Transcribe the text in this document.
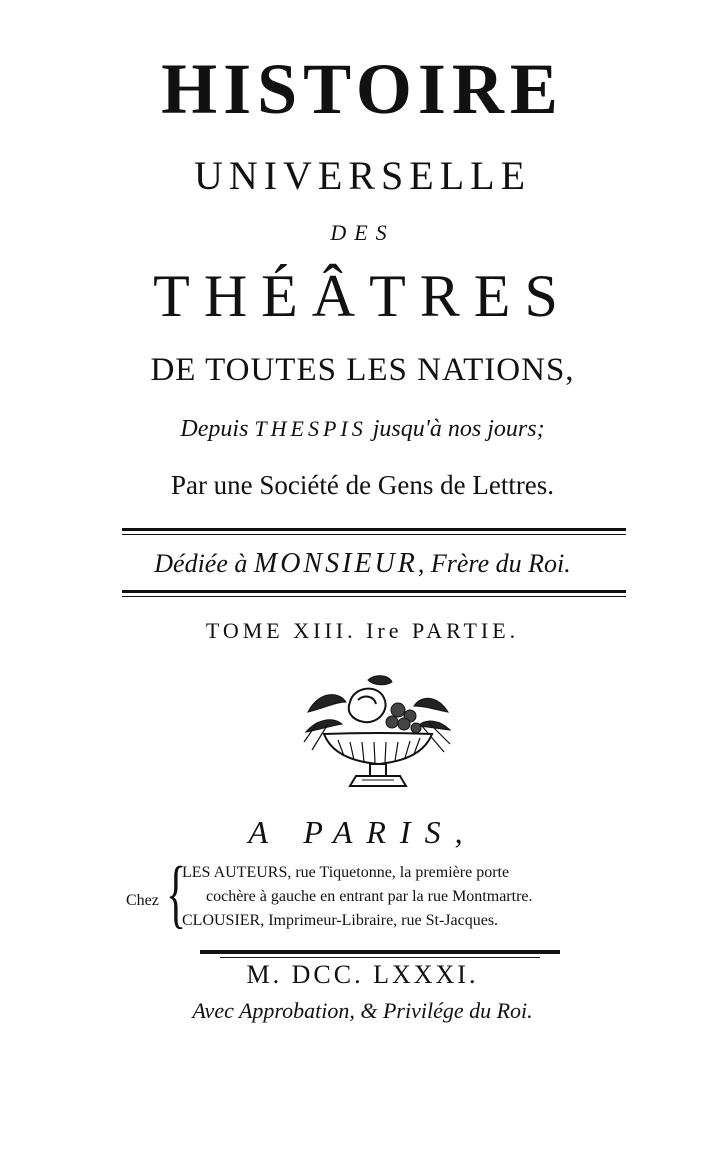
HISTOIRE
UNIVERSELLE
DES
THÉÂTRES
DE TOUTES LES NATIONS,
Depuis THESPIS jusqu'à nos jours;
Par une Société de Gens de Lettres.
Dédiée à MONSIEUR, Frère du Roi.
TOME XIII. Ire PARTIE.
A PARIS,
Chez {
LES AUTEURS, rue Tiquetonne, la première porte
cochère à gauche en entrant par la rue Montmartre.
CLOUSIER, Imprimeur-Libraire, rue St-Jacques.
M. DCC. LXXXI.
Avec Approbation, & Privilége du Roi.
